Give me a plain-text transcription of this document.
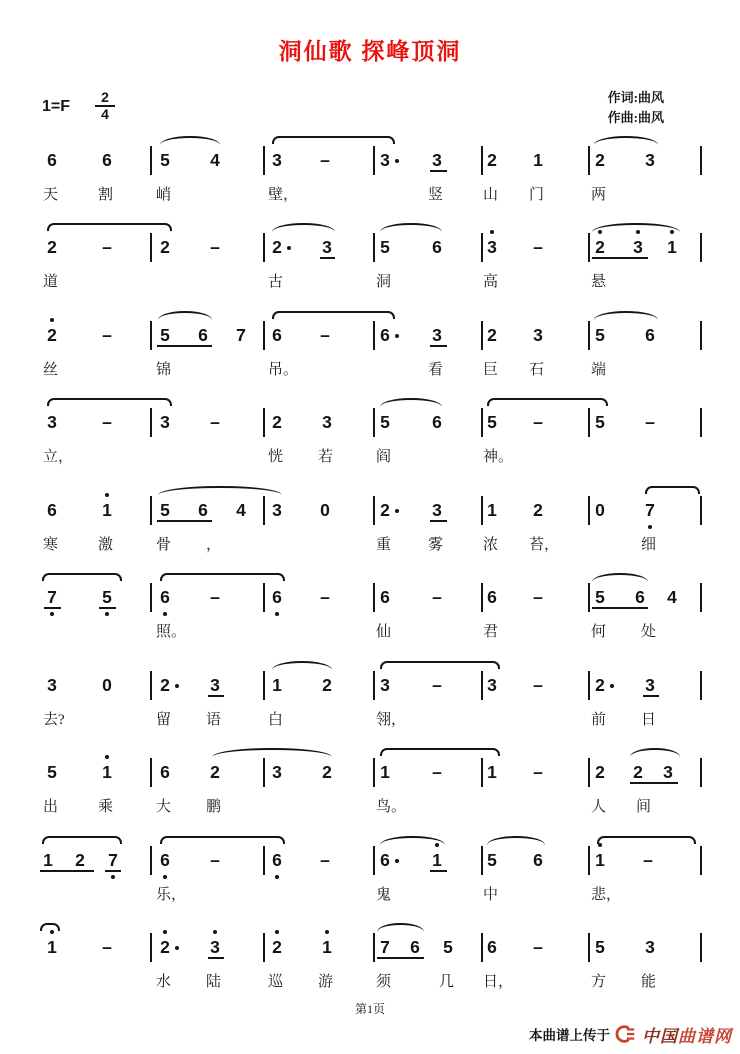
洞仙歌 探峰顶洞
$1=F \frac{2}{4}$	作词:曲风
作曲:曲风
6	6	5 4	3 –	3 3	2 1	2 3
天	割	峭	壁，	竖	山 门	两
2	–	2 –	2 3	5 6	3 –	2 3 1
道	古	洞	高	悬
2	–	5 6 7 6 –	6 3	2 3	5 6
丝	锦	吊。	看	巨 石	端
3	–	3 –	2 3	5 6	5 –	5 –
立，	恍 若	阎	神。
6	1	5 6 4 3 0	2 3	1 2	0 7
寒	激	骨 ，	重 雾	浓 苔，	细
7	5	6 –	6 –	6 –	6 –	5 6 4
照。	仙	君	何 处
3	0	2 3	1 2	3 –	3 –	2 3
去?	留 语	白	翎，	前 日
5	1	6 2	3 2	1 –	1 –	2 2 3
出	乘	大 鹏	鸟。	人 间
1 2 7 6 –	6 –	6 1	5 6	1 –
乐，	鬼	中	悲，
1	–	2 3	2 1	7 6 5 6 –	5 3
水 陆	巡 游	须	几 日，	方 能
第1页
本曲谱上传于 中国曲谱网
